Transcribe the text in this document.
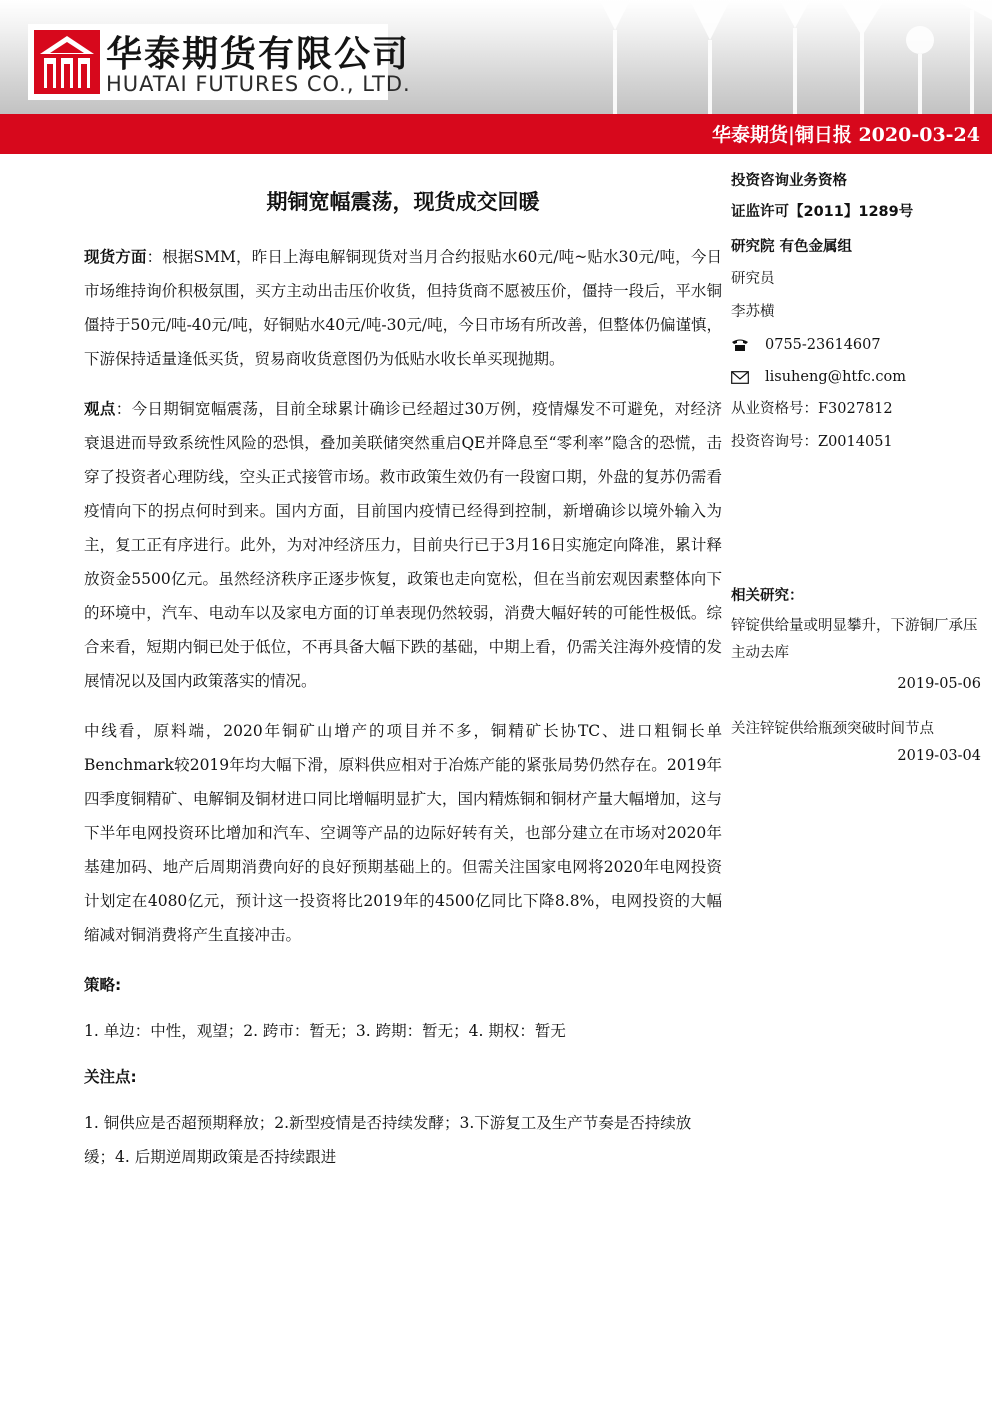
华泰期货有限公司
HUATAI FUTURES CO., LTD.
华泰期货|铜日报 2020-03-24
期铜宽幅震荡，现货成交回暖

现货方面：根据SMM，昨日上海电解铜现货对当月合约报贴水60元/吨~贴水30元/吨，今日市场维持询价积极氛围，买方主动出击压价收货，但持货商不愿被压价，僵持一段后，平水铜僵持于50元/吨-40元/吨，好铜贴水40元/吨-30元/吨，今日市场有所改善，但整体仍偏谨慎，下游保持适量逢低买货，贸易商收货意图仍为低贴水收长单买现抛期。

观点：今日期铜宽幅震荡，目前全球累计确诊已经超过30万例，疫情爆发不可避免，对经济衰退进而导致系统性风险的恐惧，叠加美联储突然重启QE并降息至“零利率”隐含的恐慌，击穿了投资者心理防线，空头正式接管市场。救市政策生效仍有一段窗口期，外盘的复苏仍需看疫情向下的拐点何时到来。国内方面，目前国内疫情已经得到控制，新增确诊以境外输入为主，复工正有序进行。此外，为对冲经济压力，目前央行已于3月16日实施定向降准，累计释放资金5500亿元。虽然经济秩序正逐步恢复，政策也走向宽松，但在当前宏观因素整体向下的环境中，汽车、电动车以及家电方面的订单表现仍然较弱，消费大幅好转的可能性极低。综合来看，短期内铜已处于低位，不再具备大幅下跌的基础，中期上看，仍需关注海外疫情的发展情况以及国内政策落实的情况。

中线看，原料端，2020年铜矿山增产的项目并不多，铜精矿长协TC、进口粗铜长单Benchmark较2019年均大幅下滑，原料供应相对于冶炼产能的紧张局势仍然存在。2019年四季度铜精矿、电解铜及铜材进口同比增幅明显扩大，国内精炼铜和铜材产量大幅增加，这与下半年电网投资环比增加和汽车、空调等产品的边际好转有关，也部分建立在市场对2020年基建加码、地产后周期消费向好的良好预期基础上的。但需关注国家电网将2020年电网投资计划定在4080亿元，预计这一投资将比2019年的4500亿同比下降8.8%，电网投资的大幅缩减对铜消费将产生直接冲击。

策略:

1. 单边：中性，观望；2. 跨市：暂无；3. 跨期：暂无；4. 期权：暂无

关注点:

1. 铜供应是否超预期释放；2.新型疫情是否持续发酵；3.下游复工及生产节奏是否持续放缓；4. 后期逆周期政策是否持续跟进

投资咨询业务资格
证监许可【2011】1289号
研究院 有色金属组
研究员
李苏横
0755-23614607
lisuheng@htfc.com
从业资格号：F3027812
投资咨询号：Z0014051
相关研究：
锌锭供给量或明显攀升，下游铜厂承压主动去库
2019-05-06
关注锌锭供给瓶颈突破时间节点
2019-03-04
